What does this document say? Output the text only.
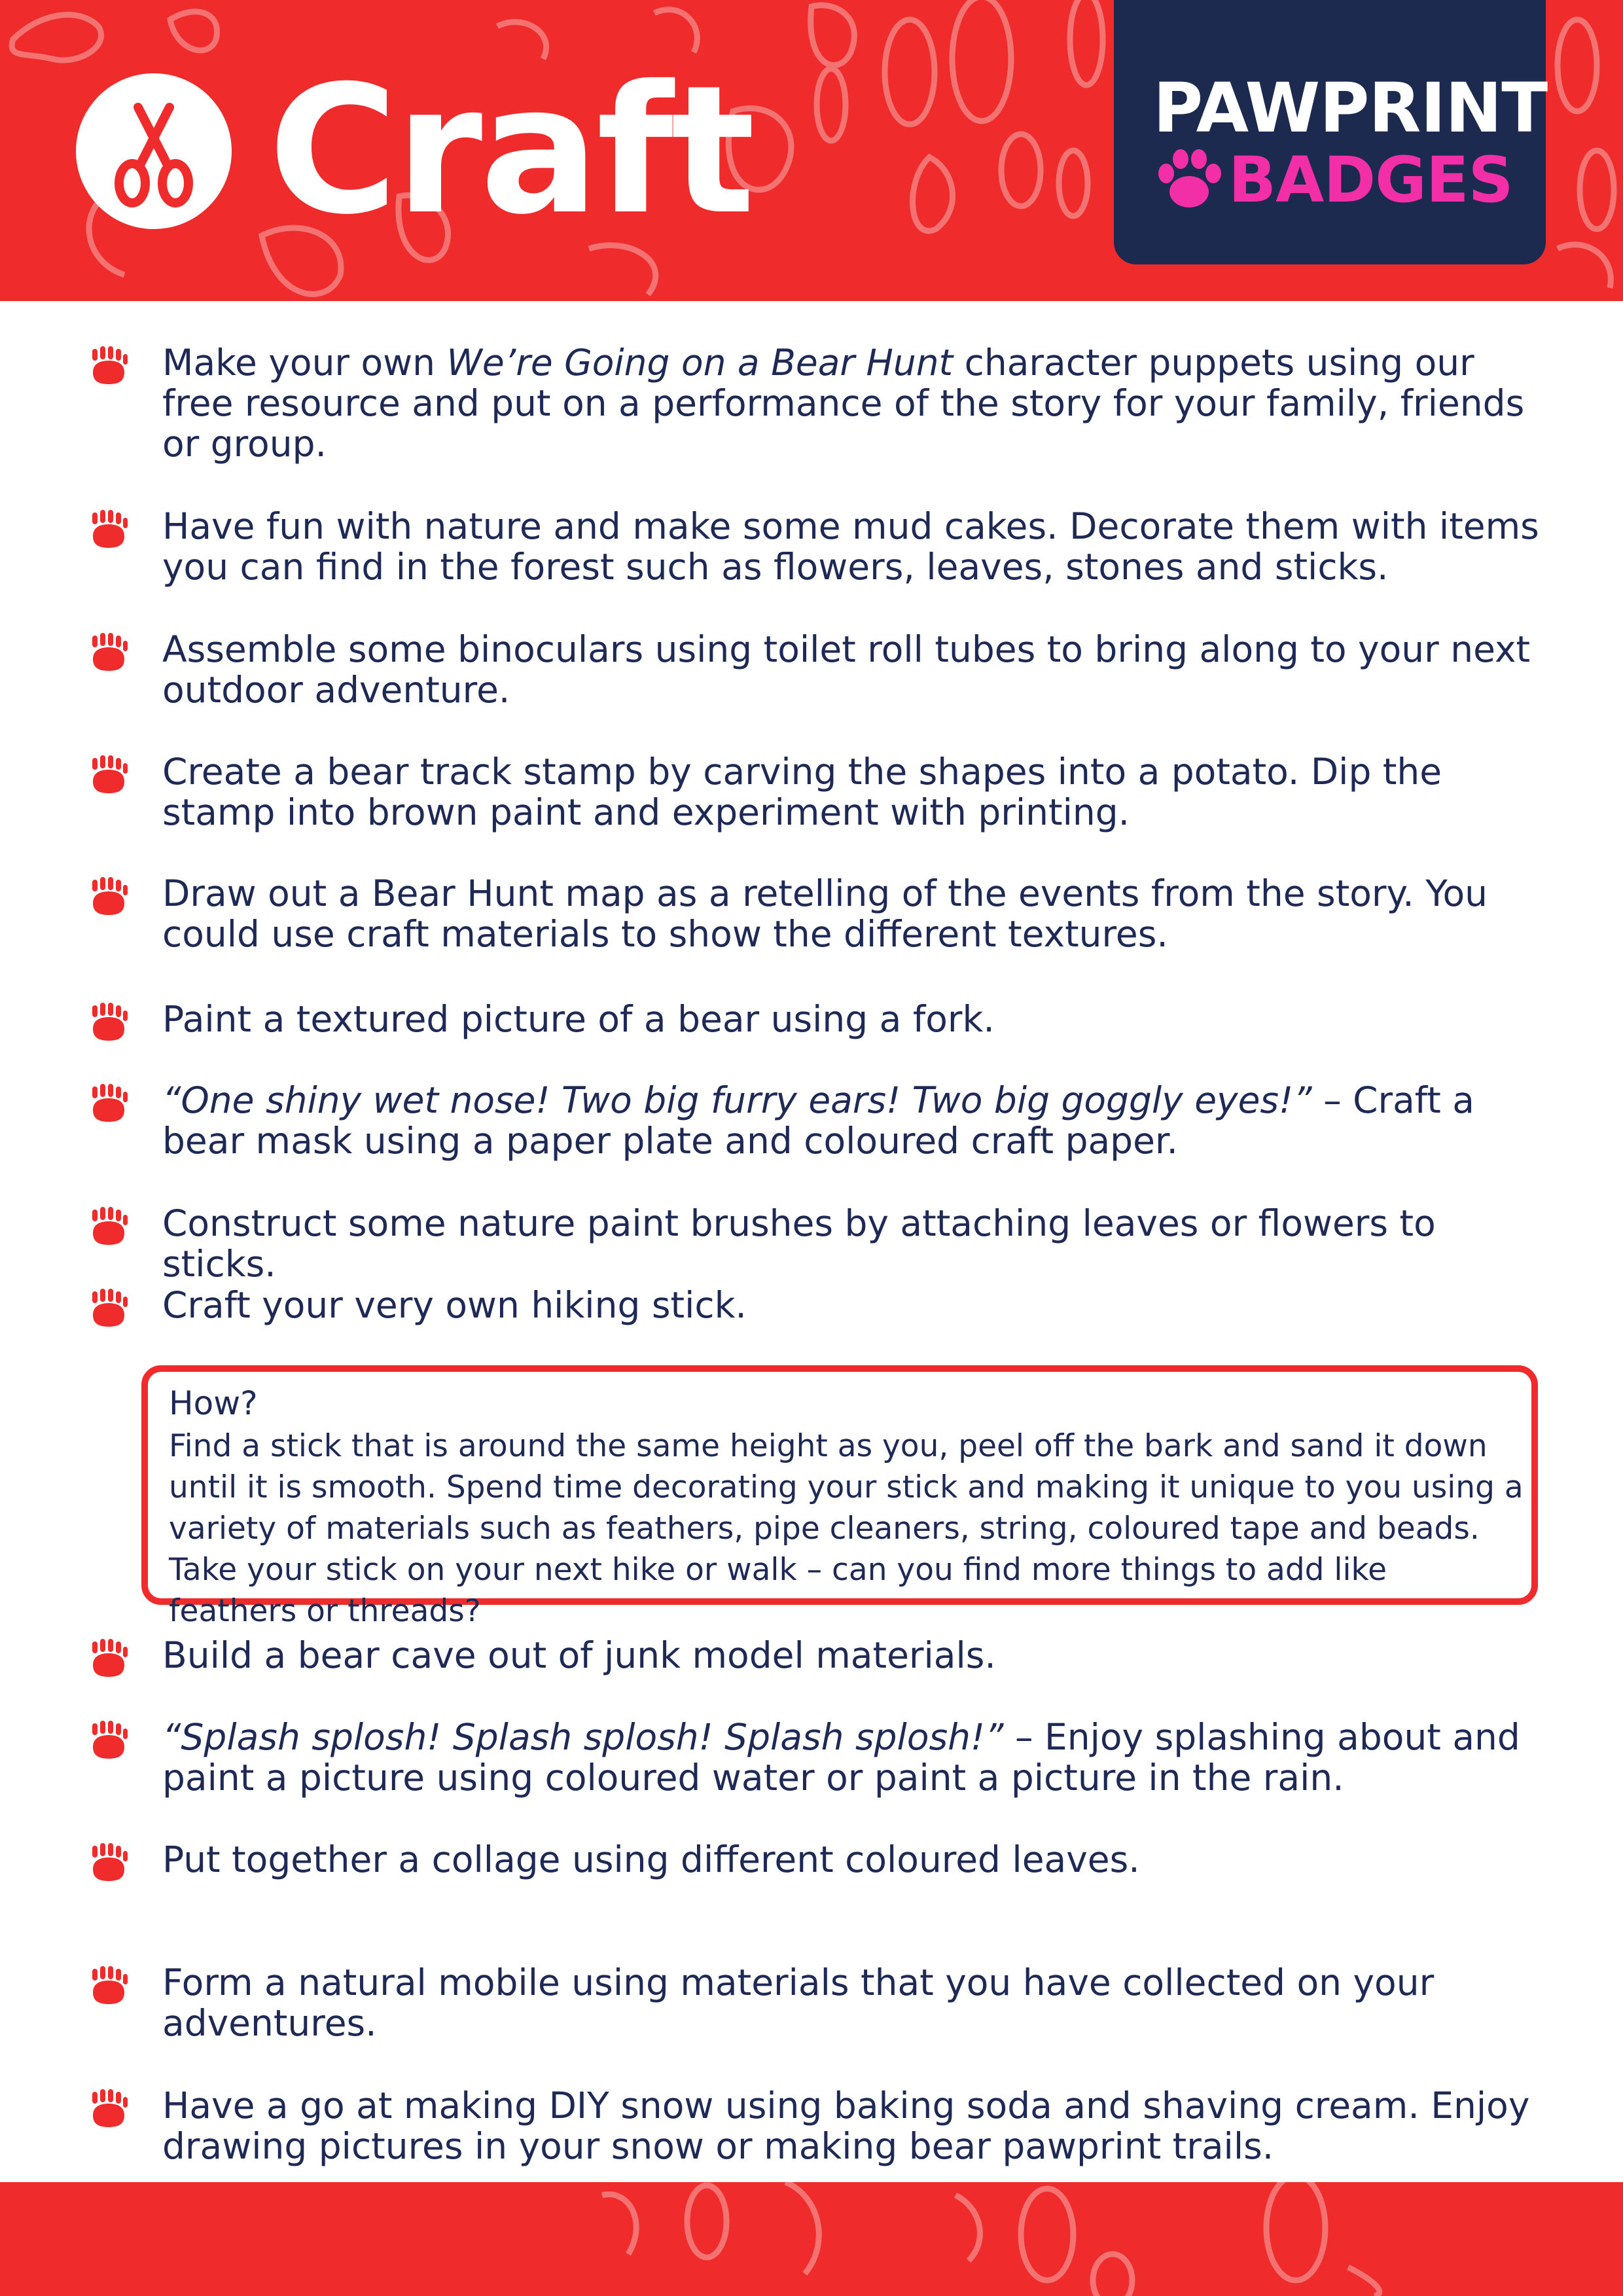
Craft	PAWPRINT
BADGES
Make your own We’re Going on a Bear Hunt character puppets using our free resource and put on a performance of the story for your family, friends or group.
Have fun with nature and make some mud cakes. Decorate them with items you can find in the forest such as flowers, leaves, stones and sticks.
Assemble some binoculars using toilet roll tubes to bring along to your next outdoor adventure.
Create a bear track stamp by carving the shapes into a potato. Dip the stamp into brown paint and experiment with printing.
Draw out a Bear Hunt map as a retelling of the events from the story. You could use craft materials to show the different textures.
Paint a textured picture of a bear using a fork.
“One shiny wet nose! Two big furry ears! Two big goggly eyes!” – Craft a bear mask using a paper plate and coloured craft paper.
Construct some nature paint brushes by attaching leaves or flowers to sticks.
Craft your very own hiking stick.
Build a bear cave out of junk model materials.
“Splash splosh! Splash splosh! Splash splosh!” – Enjoy splashing about and paint a picture using coloured water or paint a picture in the rain.
Put together a collage using different coloured leaves.
Form a natural mobile using materials that you have collected on your adventures.
Have a go at making DIY snow using baking soda and shaving cream. Enjoy drawing pictures in your snow or making bear pawprint trails.
How?
Find a stick that is around the same height as you, peel off the bark and sand it down until it is smooth. Spend time decorating your stick and making it unique to you using a variety of materials such as feathers, pipe cleaners, string, coloured tape and beads. Take your stick on your next hike or walk – can you find more things to add like feathers or threads?
